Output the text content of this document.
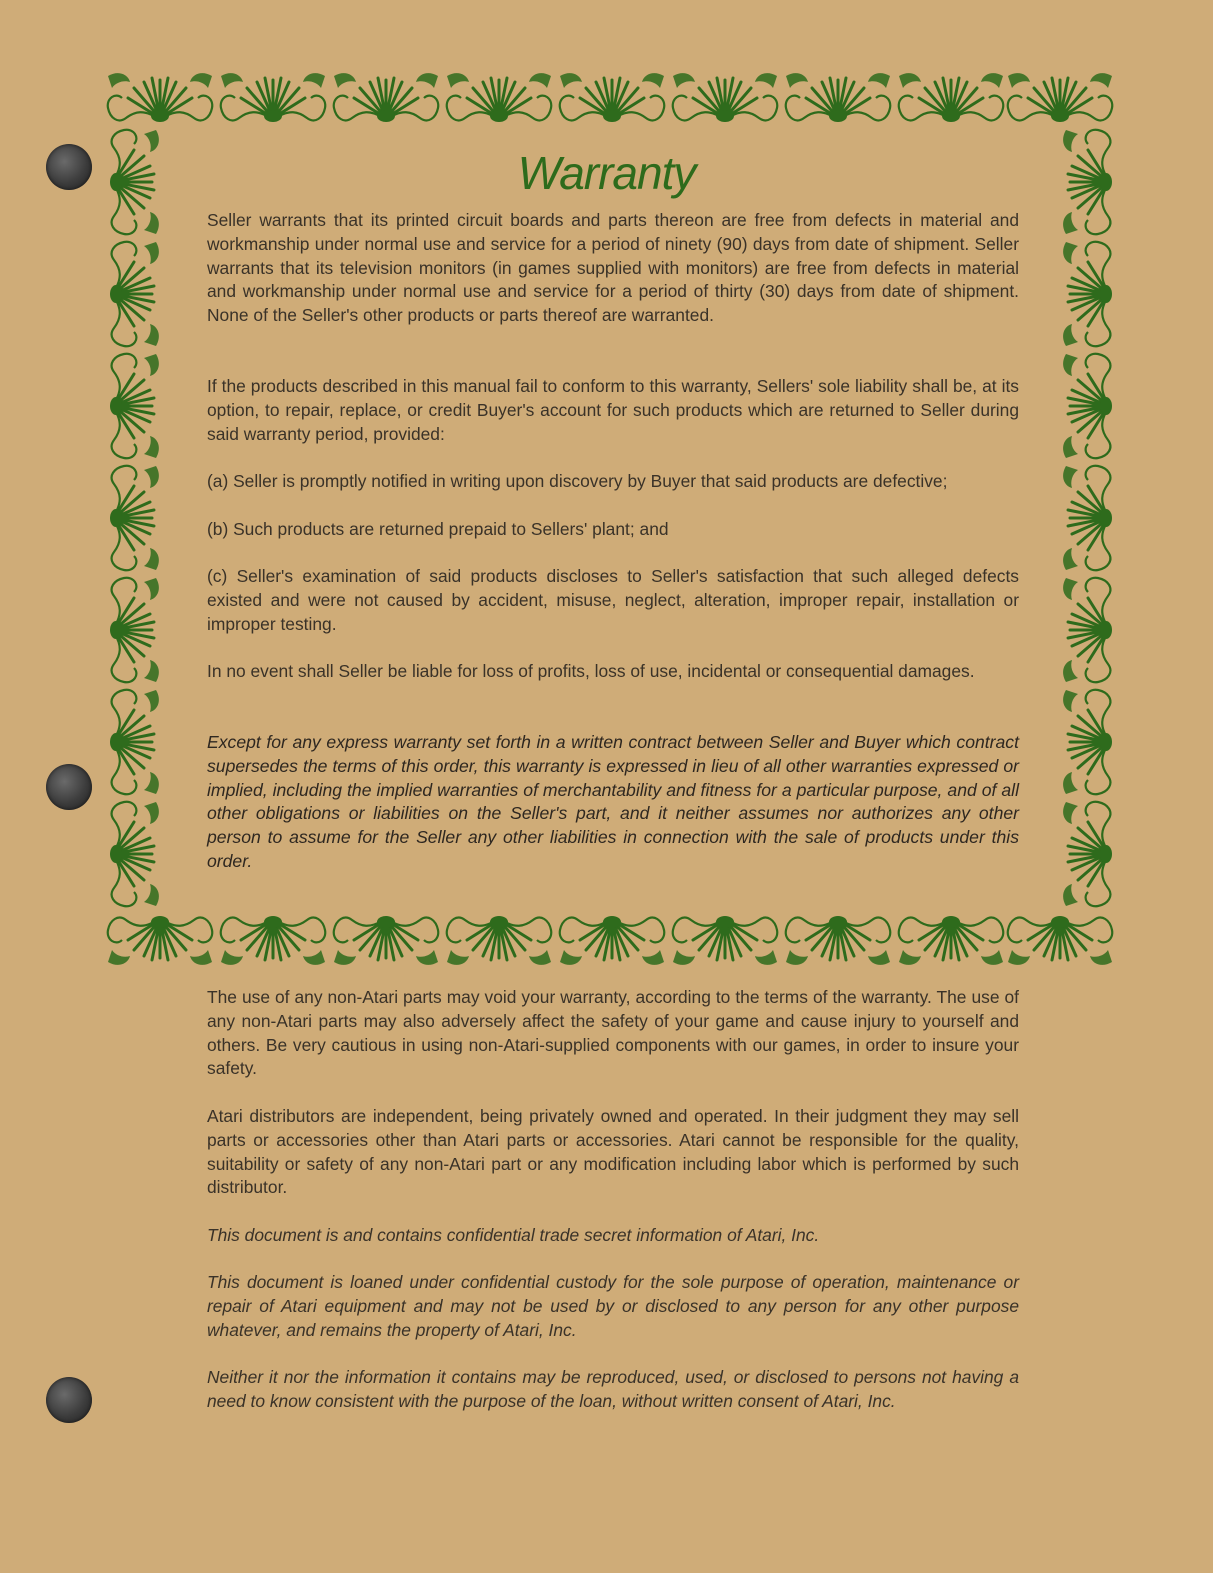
Warranty

Seller warrants that its printed circuit boards and parts thereon are free from defects in material and workmanship under normal use and service for a period of ninety (90) days from date of shipment. Seller warrants that its television monitors (in games supplied with monitors) are free from defects in material and workmanship under normal use and service for a period of thirty (30) days from date of shipment. None of the Seller's other products or parts thereof are warranted.

If the products described in this manual fail to conform to this warranty, Sellers' sole liability shall be, at its option, to repair, replace, or credit Buyer's account for such products which are returned to Seller during said warranty period, provided:

(a) Seller is promptly notified in writing upon discovery by Buyer that said products are defective;

(b) Such products are returned prepaid to Sellers' plant; and

(c) Seller's examination of said products discloses to Seller's satisfaction that such alleged defects existed and were not caused by accident, misuse, neglect, alteration, improper repair, installation or improper testing.

In no event shall Seller be liable for loss of profits, loss of use, incidental or consequential damages.

Except for any express warranty set forth in a written contract between Seller and Buyer which contract supersedes the terms of this order, this warranty is expressed in lieu of all other warranties expressed or implied, including the implied warranties of merchantability and fitness for a particular purpose, and of all other obligations or liabilities on the Seller's part, and it neither assumes nor authorizes any other person to assume for the Seller any other liabilities in connection with the sale of products under this order.

The use of any non-Atari parts may void your warranty, according to the terms of the warranty. The use of any non-Atari parts may also adversely affect the safety of your game and cause injury to yourself and others. Be very cautious in using non-Atari-supplied components with our games, in order to insure your safety.

Atari distributors are independent, being privately owned and operated. In their judgment they may sell parts or accessories other than Atari parts or accessories. Atari cannot be responsible for the quality, suitability or safety of any non-Atari part or any modification including labor which is performed by such distributor.

This document is and contains confidential trade secret information of Atari, Inc.

This document is loaned under confidential custody for the sole purpose of operation, maintenance or repair of Atari equipment and may not be used by or disclosed to any person for any other purpose whatever, and remains the property of Atari, Inc.

Neither it nor the information it contains may be reproduced, used, or disclosed to persons not having a need to know consistent with the purpose of the loan, without written consent of Atari, Inc.
